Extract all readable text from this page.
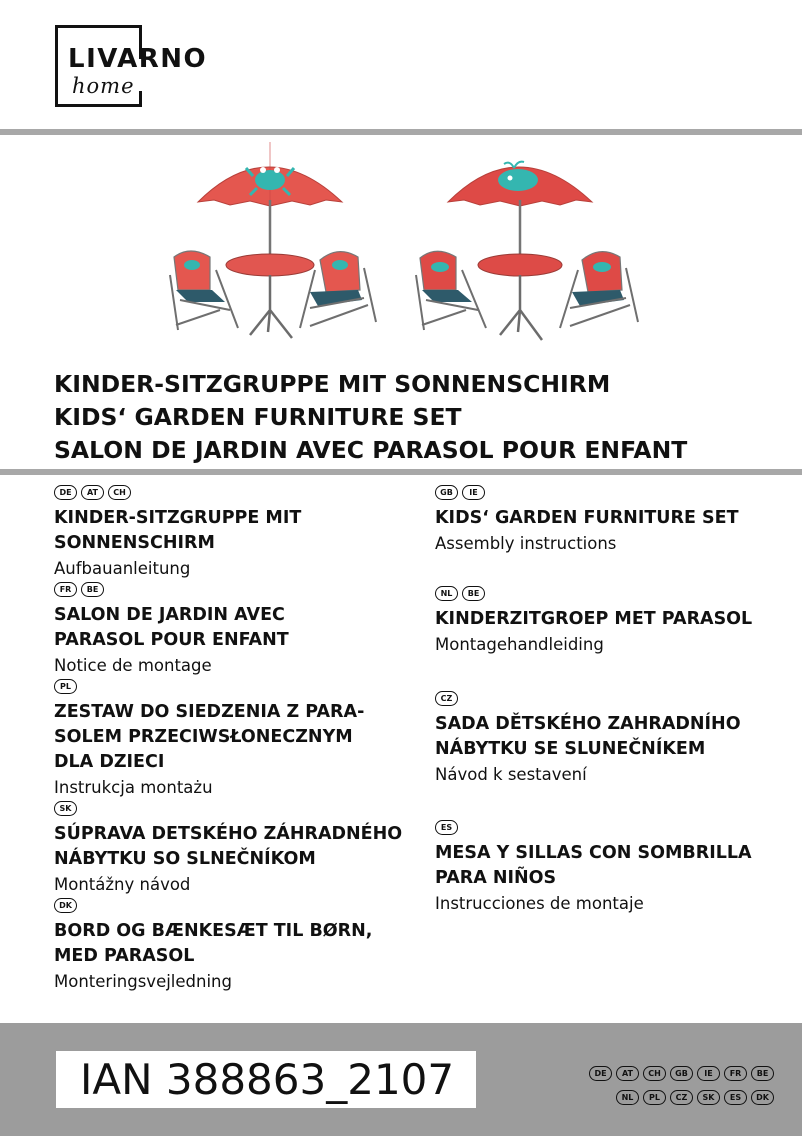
LIVARNO
home
KINDER-SITZGRUPPE MIT SONNENSCHIRM
KIDS‘ GARDEN FURNITURE SET
SALON DE JARDIN AVEC PARASOL POUR ENFANT
DE	AT	CH
KINDER-SITZGRUPPE MIT
SONNENSCHIRM
Aufbauanleitung
FR	BE
SALON DE JARDIN AVEC
PARASOL POUR ENFANT
Notice de montage
PL
ZESTAW DO SIEDZENIA Z PARA-
SOLEM PRZECIWSŁONECZNYM
DLA DZIECI
Instrukcja montażu
SK
SÚPRAVA DETSKÉHO ZÁHRADNÉHO
NÁBYTKU SO SLNEČNÍKOM
Montážny návod
DK
BORD OG BÆNKESÆT TIL BØRN,
MED PARASOL
Monteringsvejledning
GB	IE
KIDS‘ GARDEN FURNITURE SET
Assembly instructions
NL	BE
KINDERZITGROEP MET PARASOL
Montagehandleiding
CZ
SADA DĚTSKÉHO ZAHRADNÍHO
NÁBYTKU SE SLUNEČNÍKEM
Návod k sestavení
ES
MESA Y SILLAS CON SOMBRILLA
PARA NIÑOS
Instrucciones de montaje
IAN 388863_2107	DE	AT	CH	GB	IE	FR	BE
NL	PL	CZ	SK	ES	DK
